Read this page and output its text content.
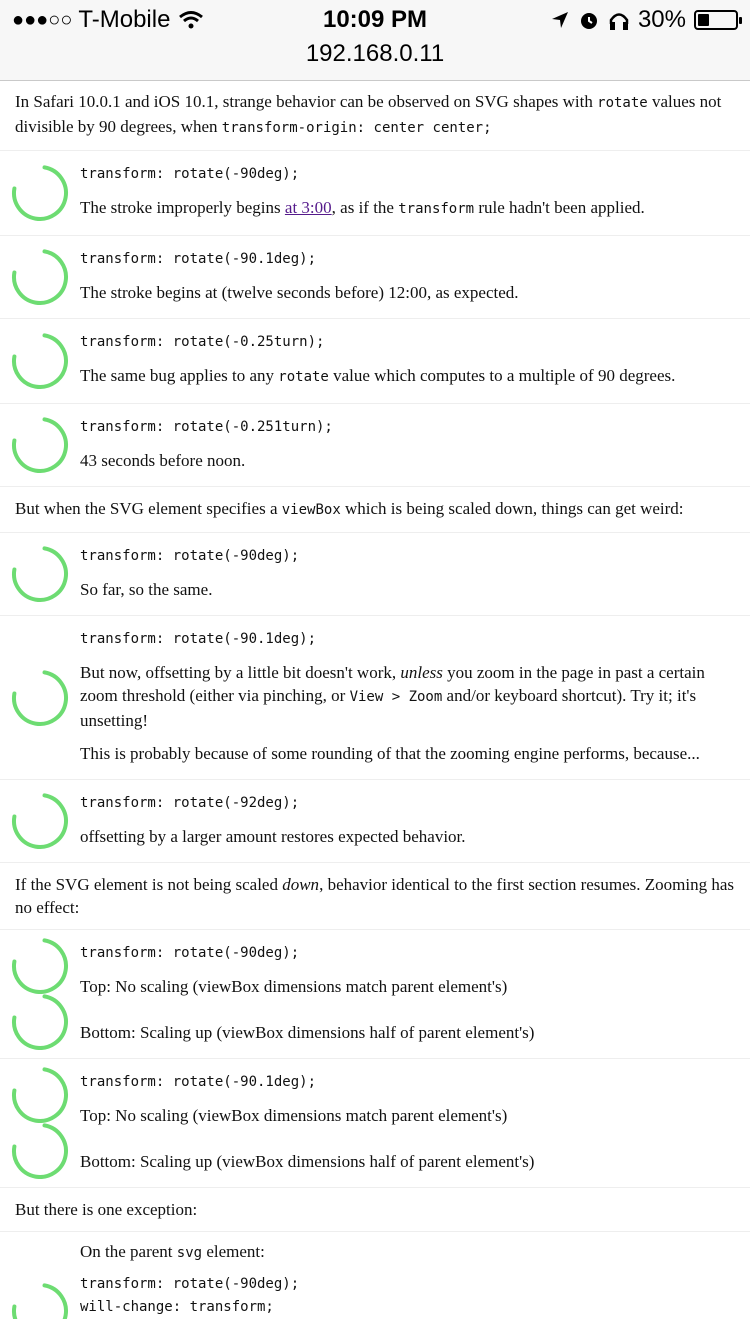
●●●○○ T-Mobile	10:09 PM	30%
192.168.0.11
In Safari 10.0.1 and iOS 10.1, strange behavior can be observed on SVG shapes with rotate values not divisible by 90 degrees, when transform-origin: center center;
transform: rotate(-90deg);
The stroke improperly begins at 3:00, as if the transform rule hadn't been applied.
transform: rotate(-90.1deg);
The stroke begins at (twelve seconds before) 12:00, as expected.
transform: rotate(-0.25turn);
The same bug applies to any rotate value which computes to a multiple of 90 degrees.
transform: rotate(-0.251turn);
43 seconds before noon.
But when the SVG element specifies a viewBox which is being scaled down, things can get weird:
transform: rotate(-90deg);
So far, so the same.
transform: rotate(-90.1deg);
But now, offsetting by a little bit doesn't work, unless you zoom in the page in past a certain zoom threshold (either via pinching, or View > Zoom and/or keyboard shortcut). Try it; it's unsetting!
This is probably because of some rounding of that the zooming engine performs, because...
transform: rotate(-92deg);
offsetting by a larger amount restores expected behavior.
If the SVG element is not being scaled down, behavior identical to the first section resumes. Zooming has no effect:
transform: rotate(-90deg);
Top: No scaling (viewBox dimensions match parent element's)
Bottom: Scaling up (viewBox dimensions half of parent element's)
transform: rotate(-90.1deg);
Top: No scaling (viewBox dimensions match parent element's)
Bottom: Scaling up (viewBox dimensions half of parent element's)
But there is one exception:
On the parent svg element:
transform: rotate(-90deg);
will-change: transform;
